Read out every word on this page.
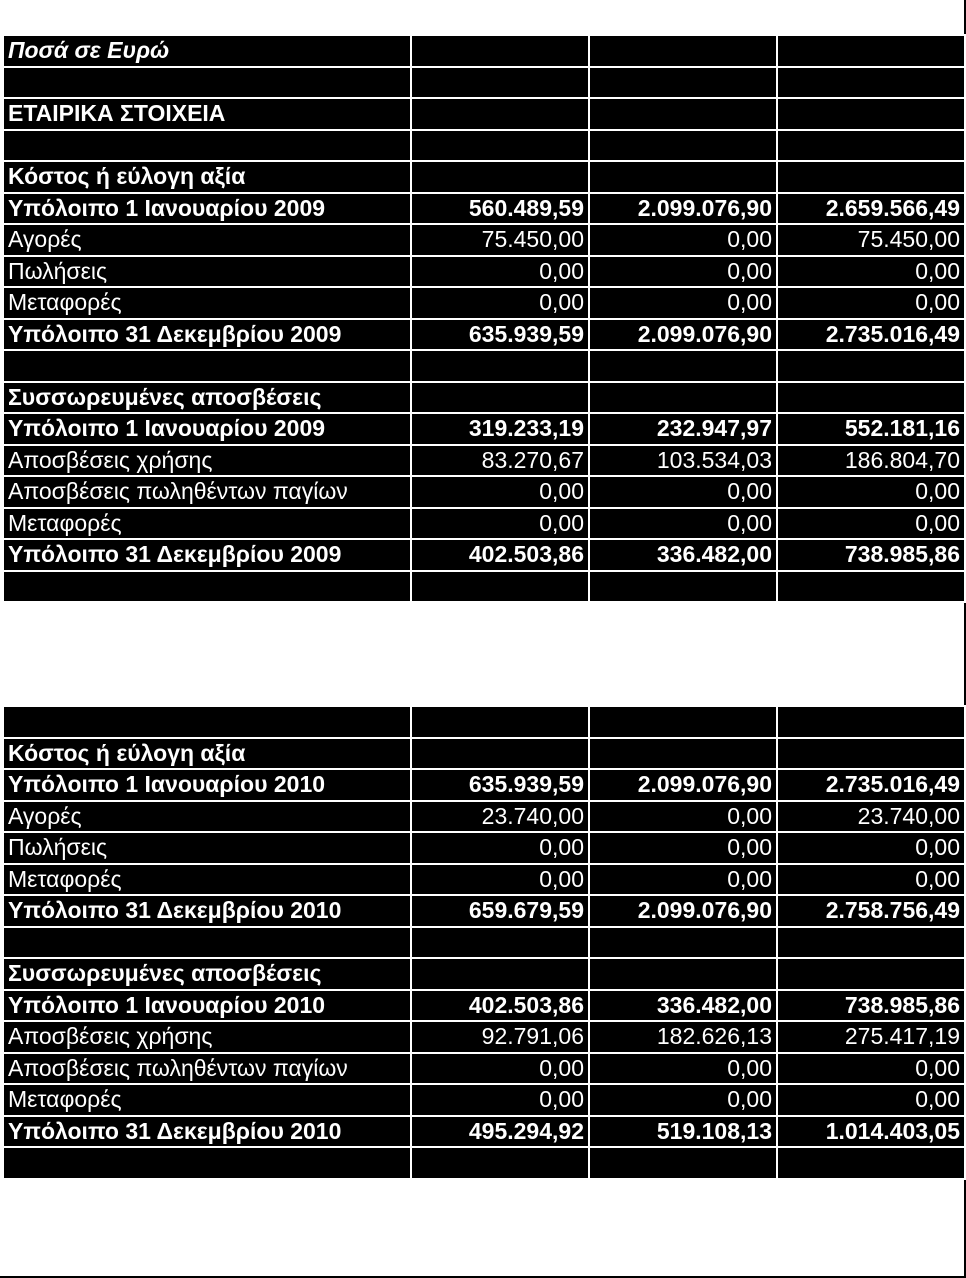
Ποσά σε Ευρώ			

ΕΤΑΙΡΙΚΑ ΣΤΟΙΧΕΙΑ			

Κόστος ή εύλογη αξία			
Υπόλοιπο 1 Ιανουαρίου 2009	560.489,59	2.099.076,90	2.659.566,49
Αγορές	75.450,00	0,00	75.450,00
Πωλήσεις	0,00	0,00	0,00
Μεταφορές	0,00	0,00	0,00
Υπόλοιπο 31 Δεκεμβρίου 2009	635.939,59	2.099.076,90	2.735.016,49

Συσσωρευμένες αποσβέσεις			
Υπόλοιπο 1 Ιανουαρίου 2009	319.233,19	232.947,97	552.181,16
Αποσβέσεις χρήσης	83.270,67	103.534,03	186.804,70
Αποσβέσεις πωληθέντων παγίων	0,00	0,00	0,00
Μεταφορές	0,00	0,00	0,00
Υπόλοιπο 31 Δεκεμβρίου 2009	402.503,86	336.482,00	738.985,86

Κόστος ή εύλογη αξία			
Υπόλοιπο 1 Ιανουαρίου 2010	635.939,59	2.099.076,90	2.735.016,49
Αγορές	23.740,00	0,00	23.740,00
Πωλήσεις	0,00	0,00	0,00
Μεταφορές	0,00	0,00	0,00
Υπόλοιπο 31 Δεκεμβρίου 2010	659.679,59	2.099.076,90	2.758.756,49

Συσσωρευμένες αποσβέσεις			
Υπόλοιπο 1 Ιανουαρίου 2010	402.503,86	336.482,00	738.985,86
Αποσβέσεις χρήσης	92.791,06	182.626,13	275.417,19
Αποσβέσεις πωληθέντων παγίων	0,00	0,00	0,00
Μεταφορές	0,00	0,00	0,00
Υπόλοιπο 31 Δεκεμβρίου 2010	495.294,92	519.108,13	1.014.403,05
